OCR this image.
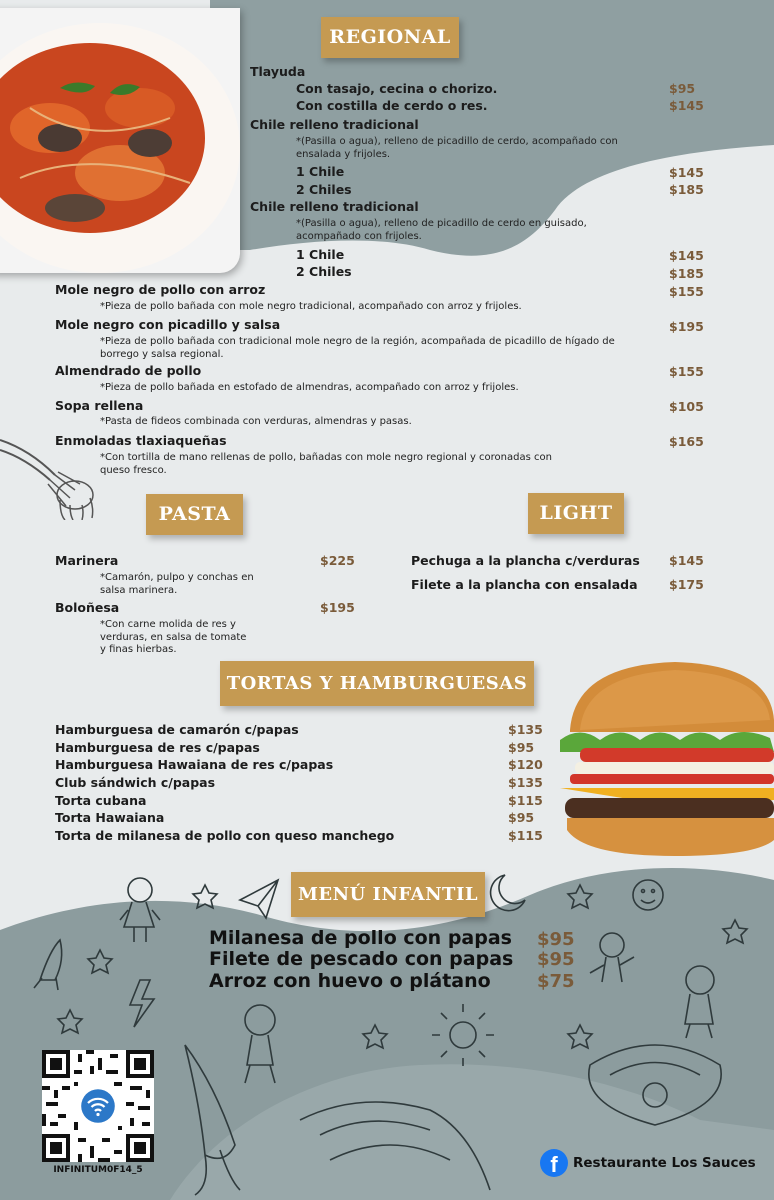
REGIONAL
Tlayuda
Con tasajo, cecina o chorizo.	$95
Con costilla de cerdo o res.	$145
Chile relleno tradicional
*(Pasilla o agua), relleno de picadillo de cerdo, acompañado con ensalada y frijoles.
1 Chile	$145
2 Chiles	$185
Chile relleno tradicional
*(Pasilla o agua), relleno de picadillo de cerdo en guisado, acompañado con frijoles.
1 Chile	$145
2 Chiles	$185
Mole negro de pollo con arroz	$155
*Pieza de pollo bañada con mole negro tradicional, acompañado con arroz y frijoles.
Mole negro con picadillo y salsa	$195
*Pieza de pollo bañada con tradicional mole negro de la región, acompañada de picadillo de hígado de borrego y salsa regional.
Almendrado de pollo	$155
*Pieza de pollo bañada en estofado de almendras, acompañado con arroz y frijoles.
Sopa rellena	$105
*Pasta de fideos combinada con verduras, almendras y pasas.
Enmoladas tlaxiaqueñas	$165
*Con tortilla de mano rellenas de pollo, bañadas con mole negro regional y coronadas con queso fresco.
PASTA
Marinera	$225
*Camarón, pulpo y conchas en salsa marinera.
Boloñesa	$195
*Con carne molida de res y verduras, en salsa de tomate y finas hierbas.
LIGHT
Pechuga a la plancha c/verduras $145
Filete a la plancha con ensalada	$175
TORTAS Y HAMBURGUESAS
Hamburguesa de camarón c/papas	$135
Hamburguesa de res c/papas	$95
Hamburguesa Hawaiana de res c/papas	$120
Club sándwich c/papas	$135
Torta cubana	$115
Torta Hawaiana	$95
Torta de milanesa de pollo con queso manchego	$115
MENÚ INFANTIL
Milanesa de pollo con papas $95
Filete de pescado con papas $95
Arroz con huevo o plátano	$75
INFINITUM0F14_5	f	Restaurante Los Sauces
